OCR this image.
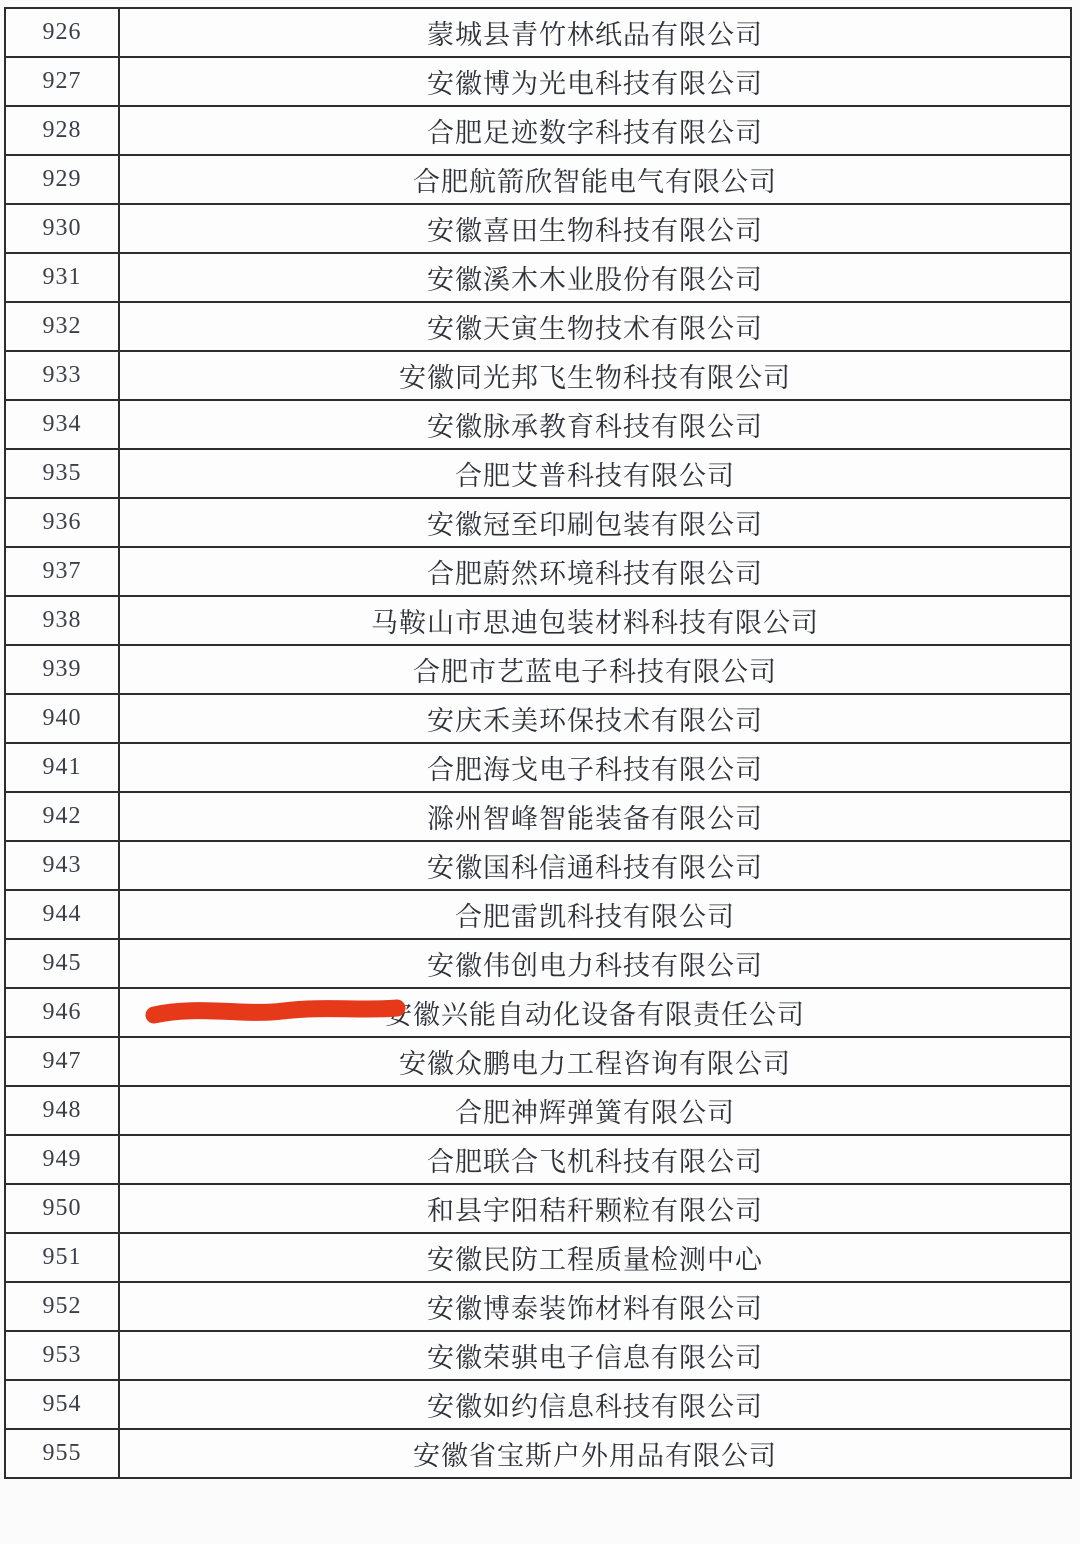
926	蒙城县青竹林纸品有限公司
927	安徽博为光电科技有限公司
928	合肥足迹数字科技有限公司
929	合肥航箭欣智能电气有限公司
930	安徽喜田生物科技有限公司
931	安徽溪木木业股份有限公司
932	安徽天寅生物技术有限公司
933	安徽同光邦飞生物科技有限公司
934	安徽脉承教育科技有限公司
935	合肥艾普科技有限公司
936	安徽冠至印刷包装有限公司
937	合肥蔚然环境科技有限公司
938	马鞍山市思迪包装材料科技有限公司
939	合肥市艺蓝电子科技有限公司
940	安庆禾美环保技术有限公司
941	合肥海戈电子科技有限公司
942	滁州智峰智能装备有限公司
943	安徽国科信通科技有限公司
944	合肥雷凯科技有限公司
945	安徽伟创电力科技有限公司
946	安徽兴能自动化设备有限责任公司
947	安徽众鹏电力工程咨询有限公司
948	合肥神辉弹簧有限公司
949	合肥联合飞机科技有限公司
950	和县宇阳秸秆颗粒有限公司
951	安徽民防工程质量检测中心
952	安徽博泰装饰材料有限公司
953	安徽荣骐电子信息有限公司
954	安徽如约信息科技有限公司
955	安徽省宝斯户外用品有限公司
